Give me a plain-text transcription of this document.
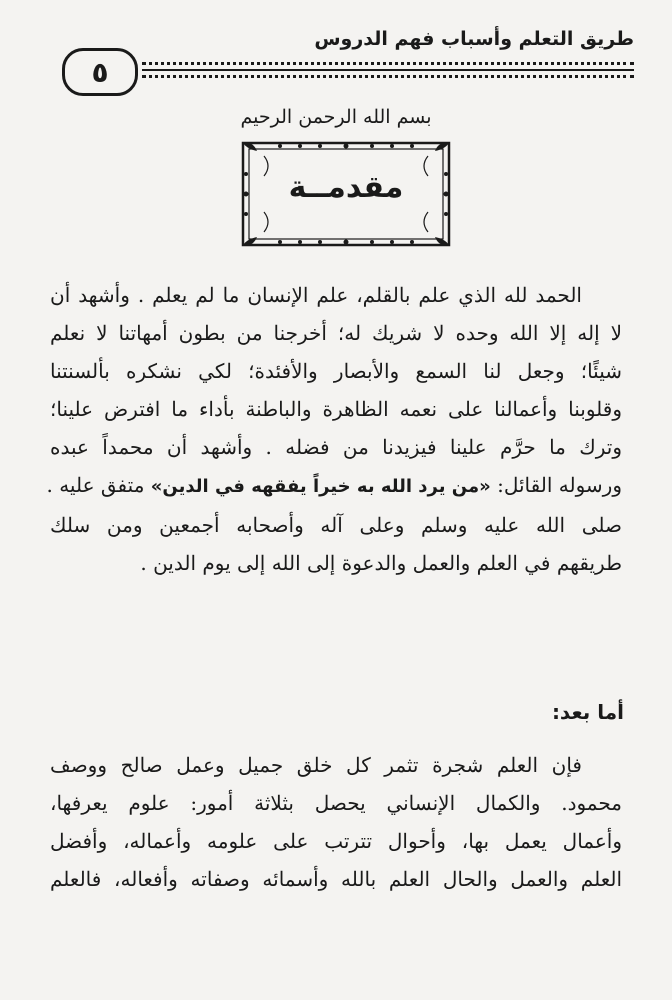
طريق التعلم وأسباب فهم الدروس
٥
بسم الله الرحمن الرحيم
مقدمــة
الحمد لله الذي علم بالقلم، علم الإنسان ما لم يعلم . وأشهد أن
لا إله إلا الله وحده لا شريك له؛ أخرجنا من بطون أمهاتنا لا نعلم
شيئًا؛ وجعل لنا السمع والأبصار والأفئدة؛ لكي نشكره بألسنتنا
وقلوبنا وأعمالنا على نعمه الظاهرة والباطنة بأداء ما افترض علينا؛
وترك ما حرَّم علينا فيزيدنا من فضله . وأشهد أن محمداً عبده
ورسوله القائل: «من يرد الله به خيراً يفقهه في الدين» متفق عليه .
صلى الله عليه وسلم وعلى آله وأصحابه أجمعين ومن سلك
طريقهم في العلم والعمل والدعوة إلى الله إلى يوم الدين .
أما بعد:
فإن العلم شجرة تثمر كل خلق جميل وعمل صالح ووصف
محمود. والكمال الإنساني يحصل بثلاثة أمور: علوم يعرفها،
وأعمال يعمل بها، وأحوال تترتب على علومه وأعماله، وأفضل
العلم والعمل والحال العلم بالله وأسمائه وصفاته وأفعاله، فالعلم
